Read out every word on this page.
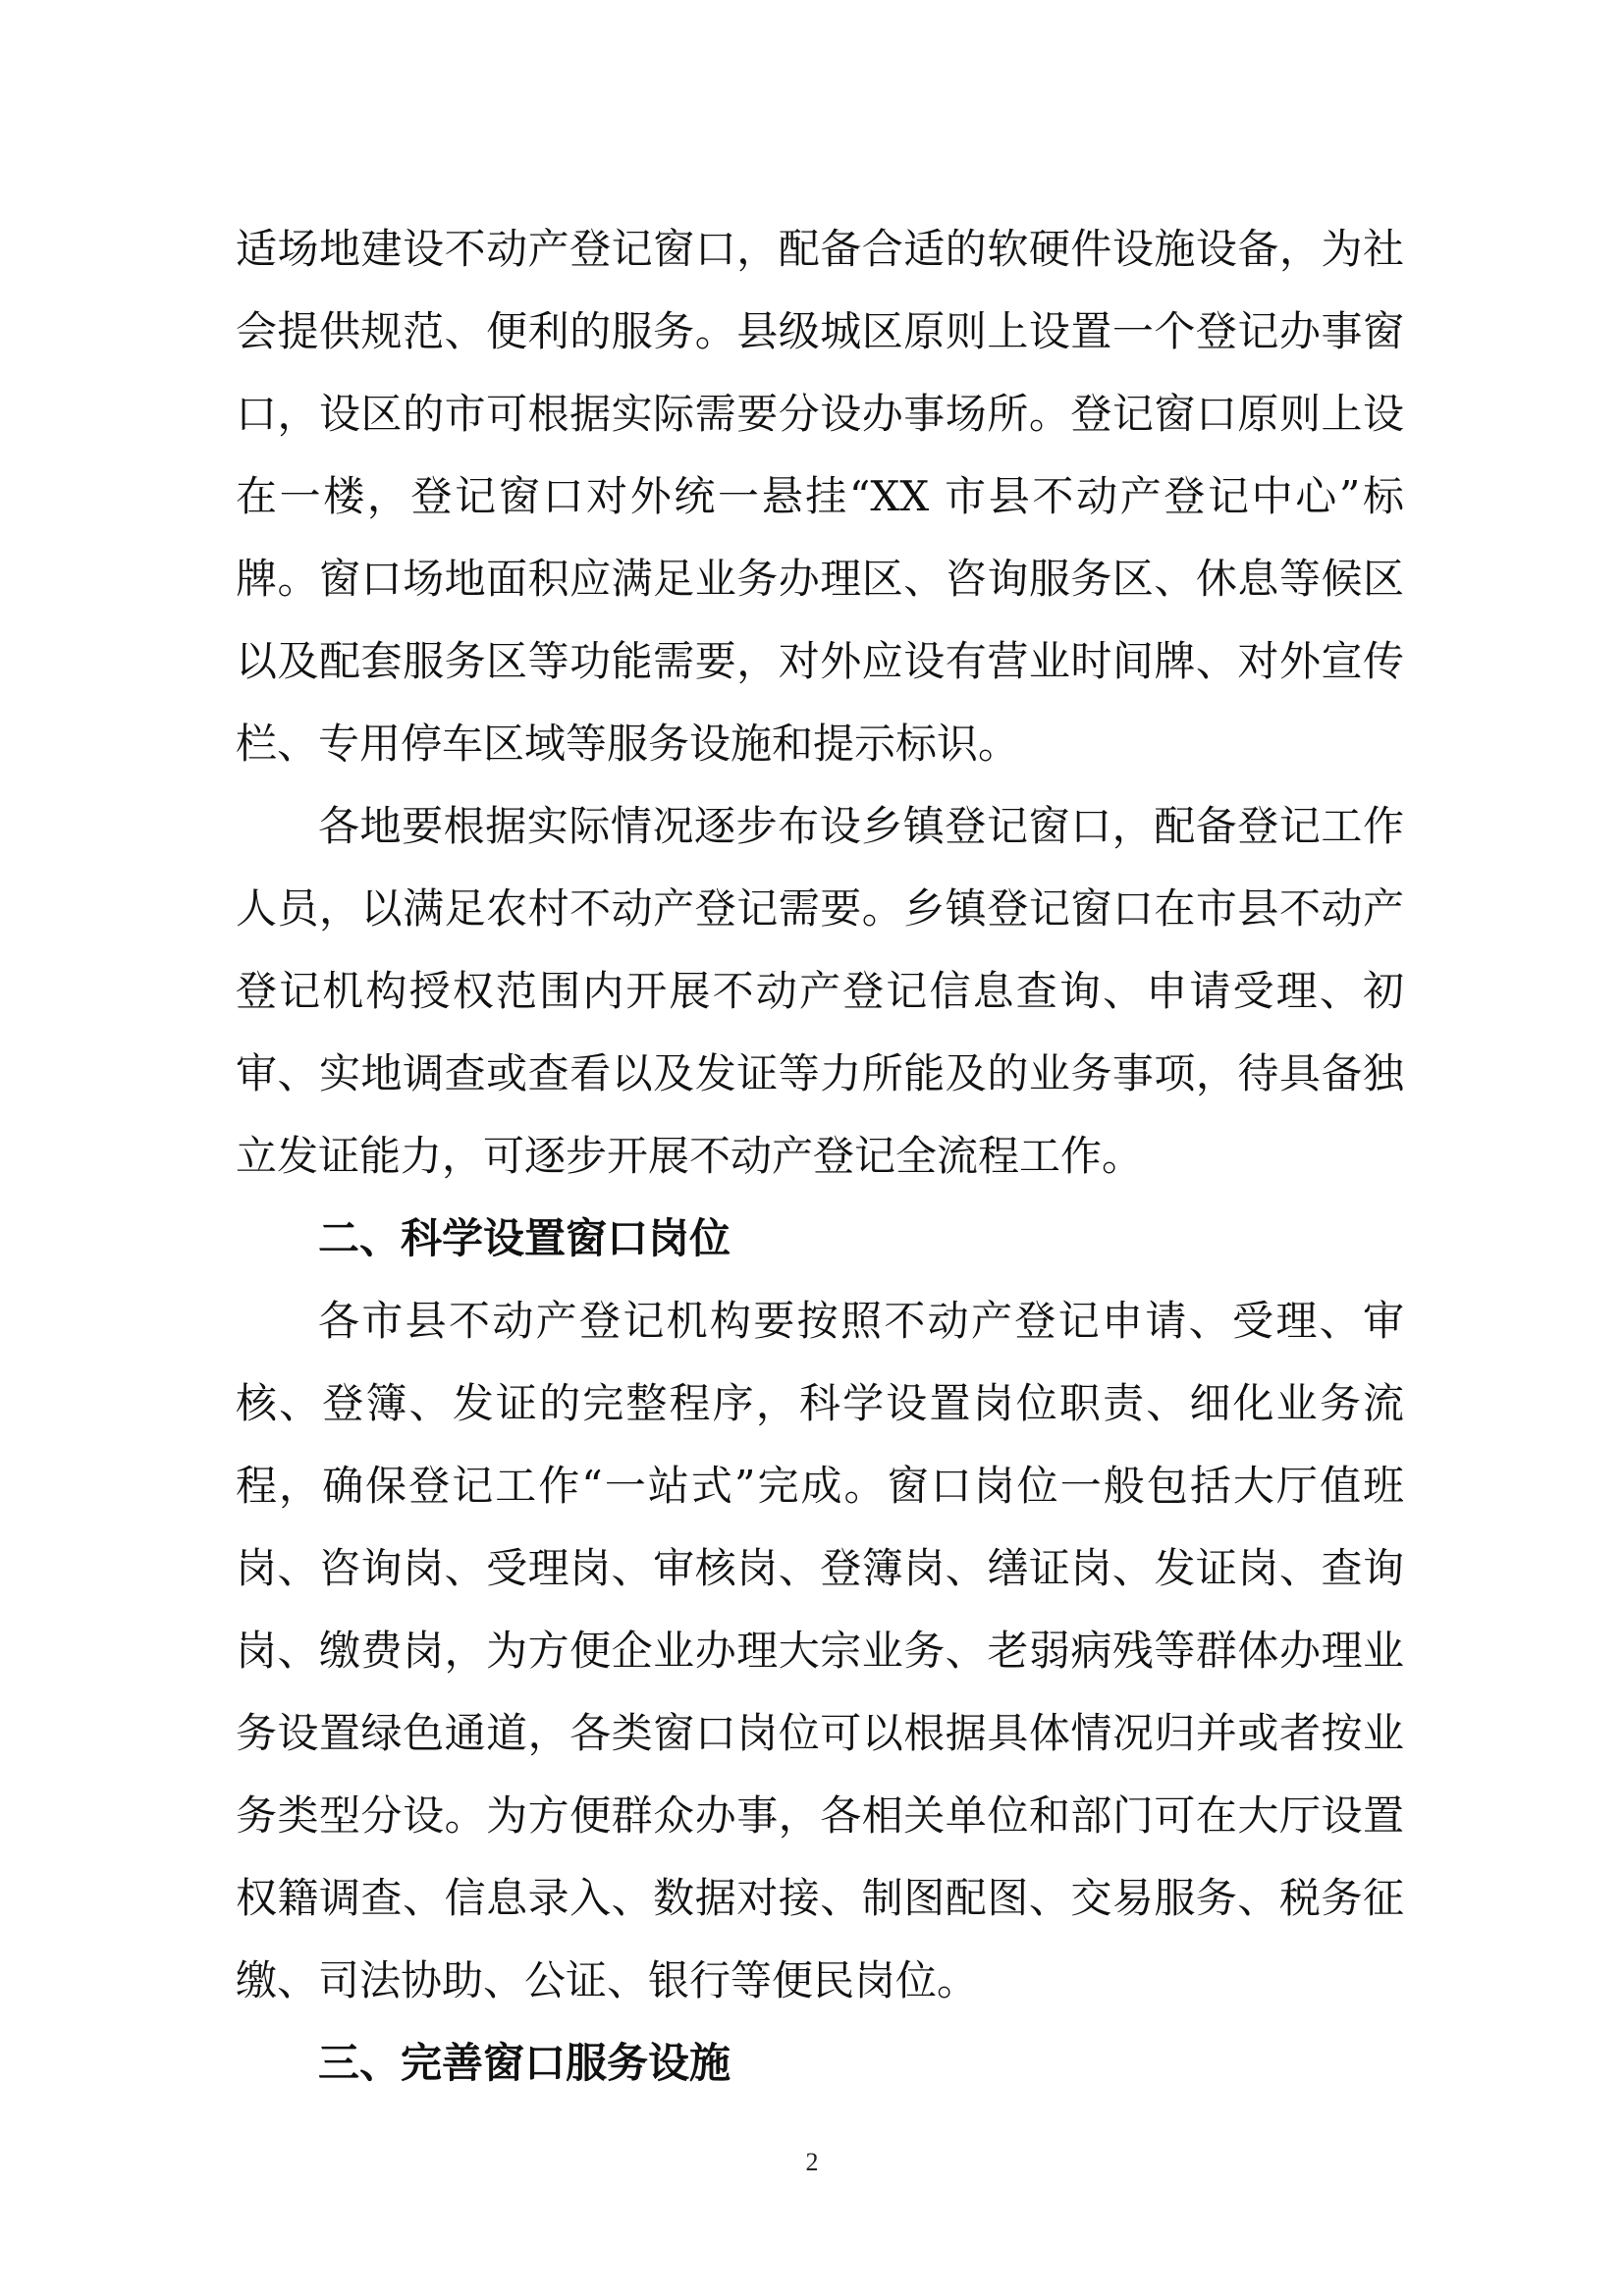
适场地建设不动产登记窗口，配备合适的软硬件设施设备，为社会提供规范、便利的服务。县级城区原则上设置一个登记办事窗口，设区的市可根据实际需要分设办事场所。登记窗口原则上设在一楼，登记窗口对外统一悬挂“XX 市县不动产登记中心”标牌。窗口场地面积应满足业务办理区、咨询服务区、休息等候区以及配套服务区等功能需要，对外应设有营业时间牌、对外宣传栏、专用停车区域等服务设施和提示标识。

各地要根据实际情况逐步布设乡镇登记窗口，配备登记工作人员，以满足农村不动产登记需要。乡镇登记窗口在市县不动产登记机构授权范围内开展不动产登记信息查询、申请受理、初审、实地调查或查看以及发证等力所能及的业务事项，待具备独立发证能力，可逐步开展不动产登记全流程工作。

二、科学设置窗口岗位

各市县不动产登记机构要按照不动产登记申请、受理、审核、登簿、发证的完整程序，科学设置岗位职责、细化业务流程，确保登记工作“一站式”完成。窗口岗位一般包括大厅值班岗、咨询岗、受理岗、审核岗、登簿岗、缮证岗、发证岗、查询岗、缴费岗，为方便企业办理大宗业务、老弱病残等群体办理业务设置绿色通道，各类窗口岗位可以根据具体情况归并或者按业务类型分设。为方便群众办事，各相关单位和部门可在大厅设置权籍调查、信息录入、数据对接、制图配图、交易服务、税务征缴、司法协助、公证、银行等便民岗位。

三、完善窗口服务设施

2
